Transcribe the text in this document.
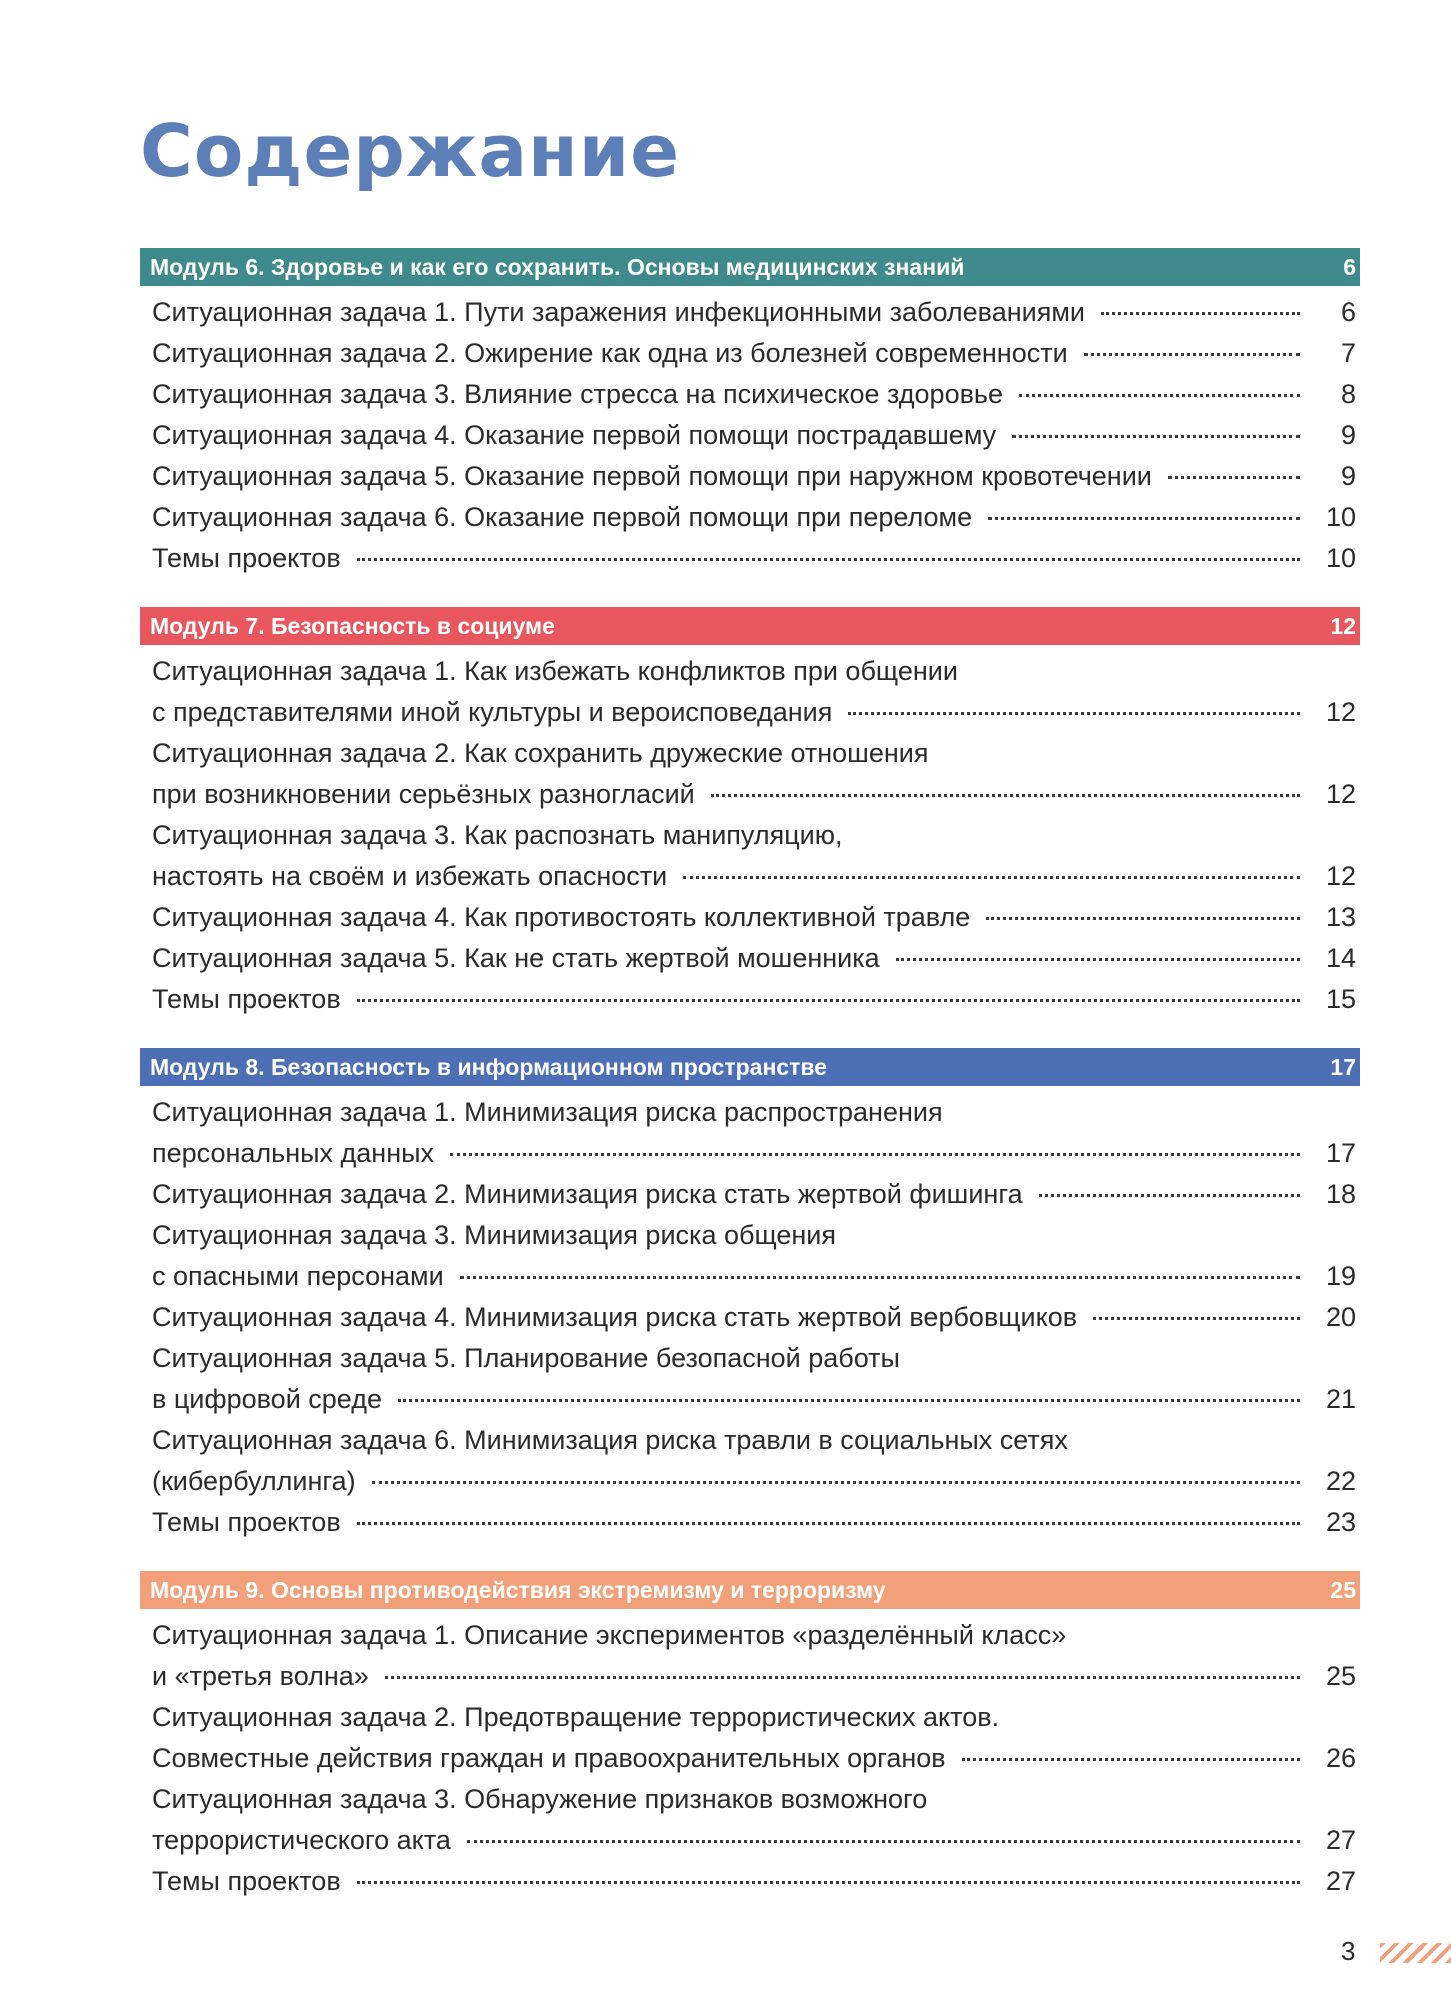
Содержание
Модуль 6. Здоровье и как его сохранить. Основы медицинских знаний	6
Ситуационная задача 1. Пути заражения инфекционными заболеваниями	6
Ситуационная задача 2. Ожирение как одна из болезней современности	7
Ситуационная задача 3. Влияние стресса на психическое здоровье	8
Ситуационная задача 4. Оказание первой помощи пострадавшему	9
Ситуационная задача 5. Оказание первой помощи при наружном кровотечении	9
Ситуационная задача 6. Оказание первой помощи при переломе	10
Темы проектов	10
Модуль 7. Безопасность в социуме	12
Ситуационная задача 1. Как избежать конфликтов при общении
с представителями иной культуры и вероисповедания	12
Ситуационная задача 2. Как сохранить дружеские отношения
при возникновении серьёзных разногласий	12
Ситуационная задача 3. Как распознать манипуляцию,
настоять на своём и избежать опасности	12
Ситуационная задача 4. Как противостоять коллективной травле	13
Ситуационная задача 5. Как не стать жертвой мошенника	14
Темы проектов	15
Модуль 8. Безопасность в информационном пространстве	17
Ситуационная задача 1. Минимизация риска распространения
персональных данных	17
Ситуационная задача 2. Минимизация риска стать жертвой фишинга	18
Ситуационная задача 3. Минимизация риска общения
с опасными персонами	19
Ситуационная задача 4. Минимизация риска стать жертвой вербовщиков	20
Ситуационная задача 5. Планирование безопасной работы
в цифровой среде	21
Ситуационная задача 6. Минимизация риска травли в социальных сетях
(кибербуллинга)	22
Темы проектов	23
Модуль 9. Основы противодействия экстремизму и терроризму	25
Ситуационная задача 1. Описание экспериментов «разделённый класс»
и «третья волна»	25
Ситуационная задача 2. Предотвращение террористических актов.
Совместные действия граждан и правоохранительных органов	26
Ситуационная задача 3. Обнаружение признаков возможного
террористического акта	27
Темы проектов	27
3
